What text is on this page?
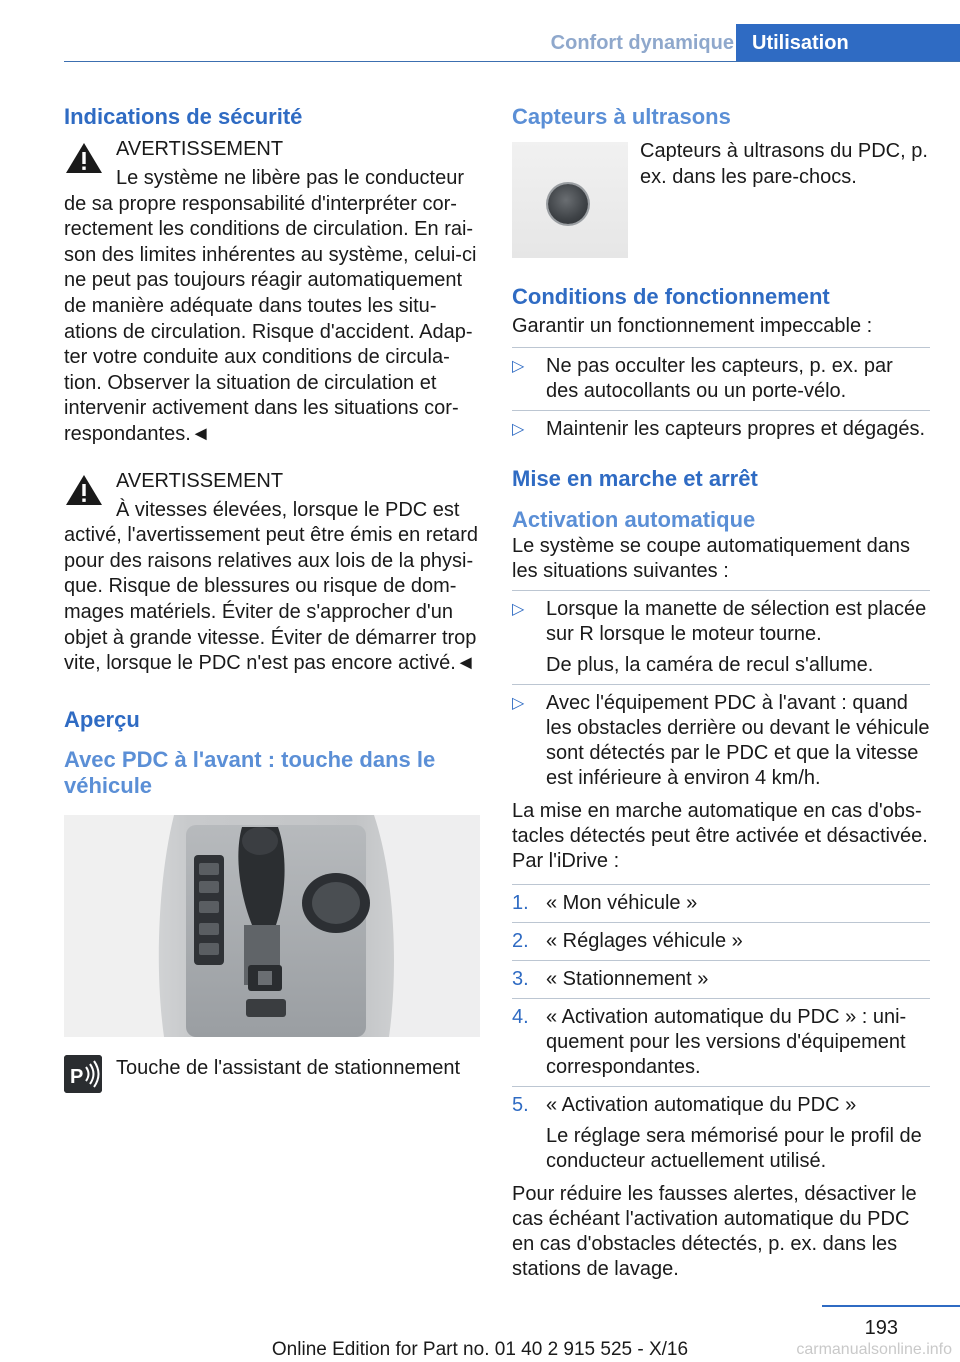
Confort dynamique Utilisation
Indications de sécurité

AVERTISSEMENT

Le système ne libère pas le conducteur de sa propre responsabilité d'interpréter correctement les conditions de circulation. En raison des limites inhérentes au système, celui-ci ne peut pas toujours réagir automatiquement de manière adéquate dans toutes les situations de circulation. Risque d'accident. Adapter votre conduite aux conditions de circulation. Observer la situation de circulation et intervenir activement dans les situations correspondantes.◄

AVERTISSEMENT

À vitesses élevées, lorsque le PDC est activé, l'avertissement peut être émis en retard pour des raisons relatives aux lois de la physique. Risque de blessures ou risque de dommages matériels. Éviter de s'approcher d'un objet à grande vitesse. Éviter de démarrer trop vite, lorsque le PDC n'est pas encore activé.◄

Aperçu
Avec PDC à l'avant : touche dans le véhicule
P	Touche de l'assistant de stationnement

Capteurs à ultrasons

Capteurs à ultrasons du PDC, p. ex. dans les pare-chocs.

Conditions de fonctionnement

Garantir un fonctionnement impeccable :

▷ Ne pas occulter les capteurs, p. ex. par des autocollants ou un porte-vélo.
▷ Maintenir les capteurs propres et dégagés.
Mise en marche et arrêt
Activation automatique

Le système se coupe automatiquement dans les situations suivantes :

▷ Lorsque la manette de sélection est placée sur R lorsque le moteur tourne.

De plus, la caméra de recul s'allume.

▷ Avec l'équipement PDC à l'avant : quand les obstacles derrière ou devant le véhicule sont détectés par le PDC et que la vitesse est inférieure à environ 4 km/h.

La mise en marche automatique en cas d'obstacles détectés peut être activée et désactivée. Par l'iDrive :

1. « Mon véhicule »
2. « Réglages véhicule »
3. « Stationnement »
4. « Activation automatique du PDC » : uniquement pour les versions d'équipement correspondantes.
5. « Activation automatique du PDC »

Le réglage sera mémorisé pour le profil de conducteur actuellement utilisé.

Pour réduire les fausses alertes, désactiver le cas échéant l'activation automatique du PDC en cas d'obstacles détectés, p. ex. dans les stations de lavage.

193
carmanualsonline.info
Online Edition for Part no. 01 40 2 915 525 - X/16
